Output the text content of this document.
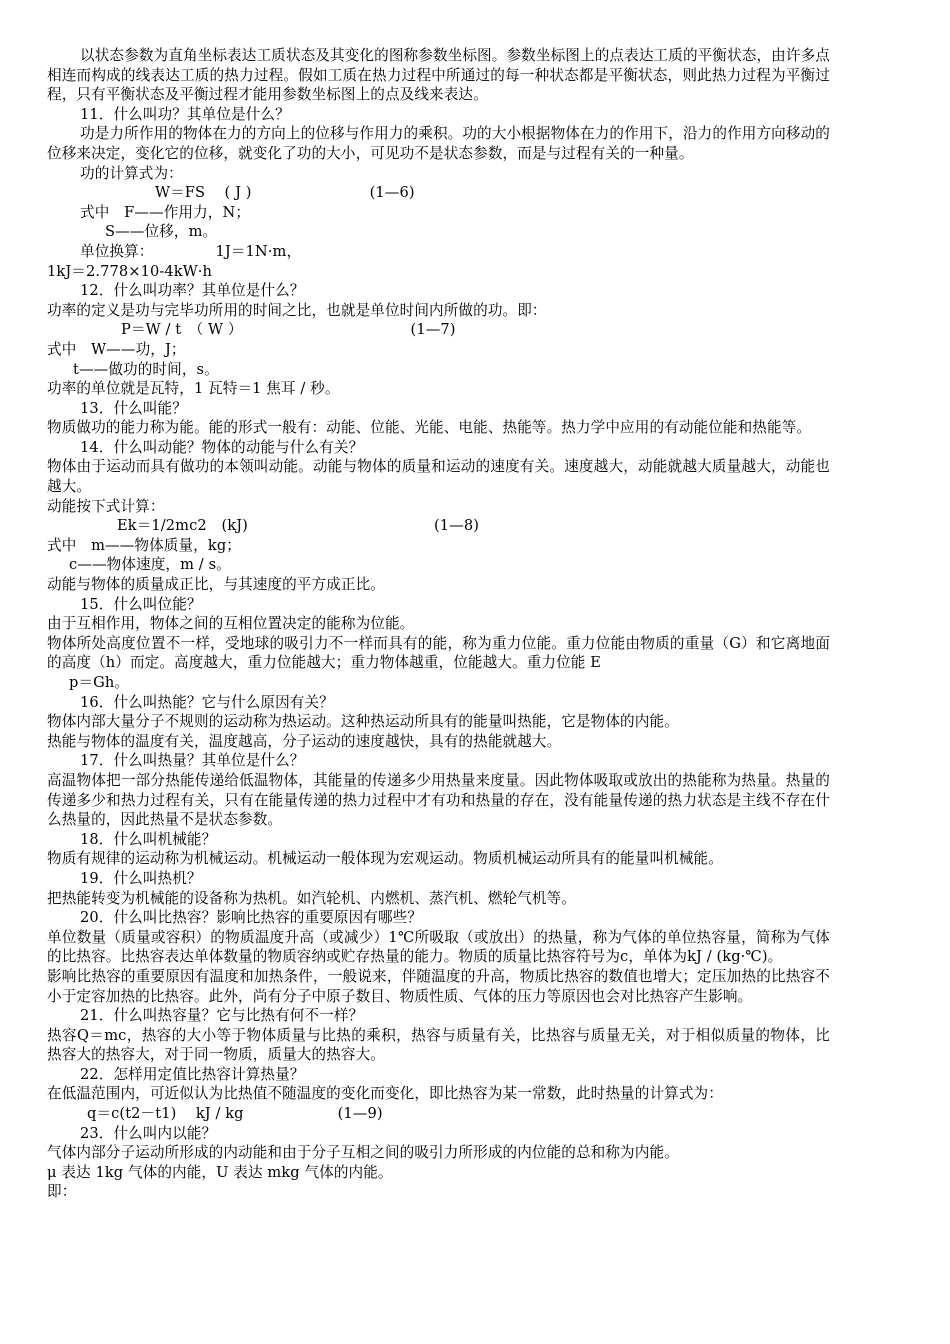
以状态参数为直角坐标表达工质状态及其变化的图称参数坐标图。参数坐标图上的点表达工质的平衡状态，由许多点相连而构成的线表达工质的热力过程。假如工质在热力过程中所通过的每一种状态都是平衡状态，则此热力过程为平衡过程，只有平衡状态及平衡过程才能用参数坐标图上的点及线来表达。

11．什么叫功？其单位是什么？

功是力所作用的物体在力的方向上的位移与作用力的乘积。功的大小根据物体在力的作用下，沿力的作用方向移动的位移来决定，变化它的位移，就变化了功的大小，可见功不是状态参数，而是与过程有关的一种量。

功的计算式为：

W＝FS　 ( J )	(1—6)

式中　F——作用力，N；

S——位移，m。

单位换算：	1J＝1N·m，

1kJ＝2.778×10-4kW·h

12．什么叫功率？其单位是什么？

功率的定义是功与完毕功所用的时间之比，也就是单位时间内所做的功。即：

P＝W / t　（ W ）	(1—7)

式中　W——功，J；

t——做功的时间，s。

功率的单位就是瓦特，1 瓦特＝1 焦耳 / 秒。

13．什么叫能？

物质做功的能力称为能。能的形式一般有：动能、位能、光能、电能、热能等。热力学中应用的有动能位能和热能等。

14．什么叫动能？物体的动能与什么有关？

物体由于运动而具有做功的本领叫动能。动能与物体的质量和运动的速度有关。速度越大，动能就越大质量越大，动能也越大。

动能按下式计算：

Ek＝1/2mc2　(kJ)	(1—8)

式中　m——物体质量，kg；

c——物体速度，m / s。

动能与物体的质量成正比，与其速度的平方成正比。

15．什么叫位能？

由于互相作用，物体之间的互相位置决定的能称为位能。

物体所处高度位置不一样，受地球的吸引力不一样而具有的能，称为重力位能。重力位能由物质的重量（G）和它离地面的高度（h）而定。高度越大，重力位能越大；重力物体越重，位能越大。重力位能 E

p＝Gh。

16．什么叫热能？它与什么原因有关？

物体内部大量分子不规则的运动称为热运动。这种热运动所具有的能量叫热能，它是物体的内能。

热能与物体的温度有关，温度越高，分子运动的速度越快，具有的热能就越大。

17．什么叫热量？其单位是什么？

高温物体把一部分热能传递给低温物体，其能量的传递多少用热量来度量。因此物体吸取或放出的热能称为热量。热量的传递多少和热力过程有关，只有在能量传递的热力过程中才有功和热量的存在，没有能量传递的热力状态是主线不存在什么热量的，因此热量不是状态参数。

18．什么叫机械能？

物质有规律的运动称为机械运动。机械运动一般体现为宏观运动。物质机械运动所具有的能量叫机械能。

19．什么叫热机？

把热能转变为机械能的设备称为热机。如汽轮机、内燃机、蒸汽机、燃轮气机等。

20．什么叫比热容？影响比热容的重要原因有哪些？

单位数量（质量或容积）的物质温度升高（或减少）1℃所吸取（或放出）的热量，称为气体的单位热容量，简称为气体的比热容。比热容表达单体数量的物质容纳或贮存热量的能力。物质的质量比热容符号为c，单体为kJ / (kg·℃)。

影响比热容的重要原因有温度和加热条件，一般说来，伴随温度的升高，物质比热容的数值也增大；定压加热的比热容不小于定容加热的比热容。此外，尚有分子中原子数目、物质性质、气体的压力等原因也会对比热容产生影响。

21．什么叫热容量？它与比热有何不一样？

热容Q＝mc，热容的大小等于物体质量与比热的乘积，热容与质量有关，比热容与质量无关，对于相似质量的物体，比热容大的热容大，对于同一物质，质量大的热容大。

22．怎样用定值比热容计算热量？

在低温范围内，可近似认为比热值不随温度的变化而变化，即比热容为某一常数，此时热量的计算式为：

q＝c(t2－t1)　 kJ / kg	(1—9)

23．什么叫内以能？

气体内部分子运动所形成的内动能和由于分子互相之间的吸引力所形成的内位能的总和称为内能。

μ 表达 1kg 气体的内能，U 表达 mkg 气体的内能。

即：
